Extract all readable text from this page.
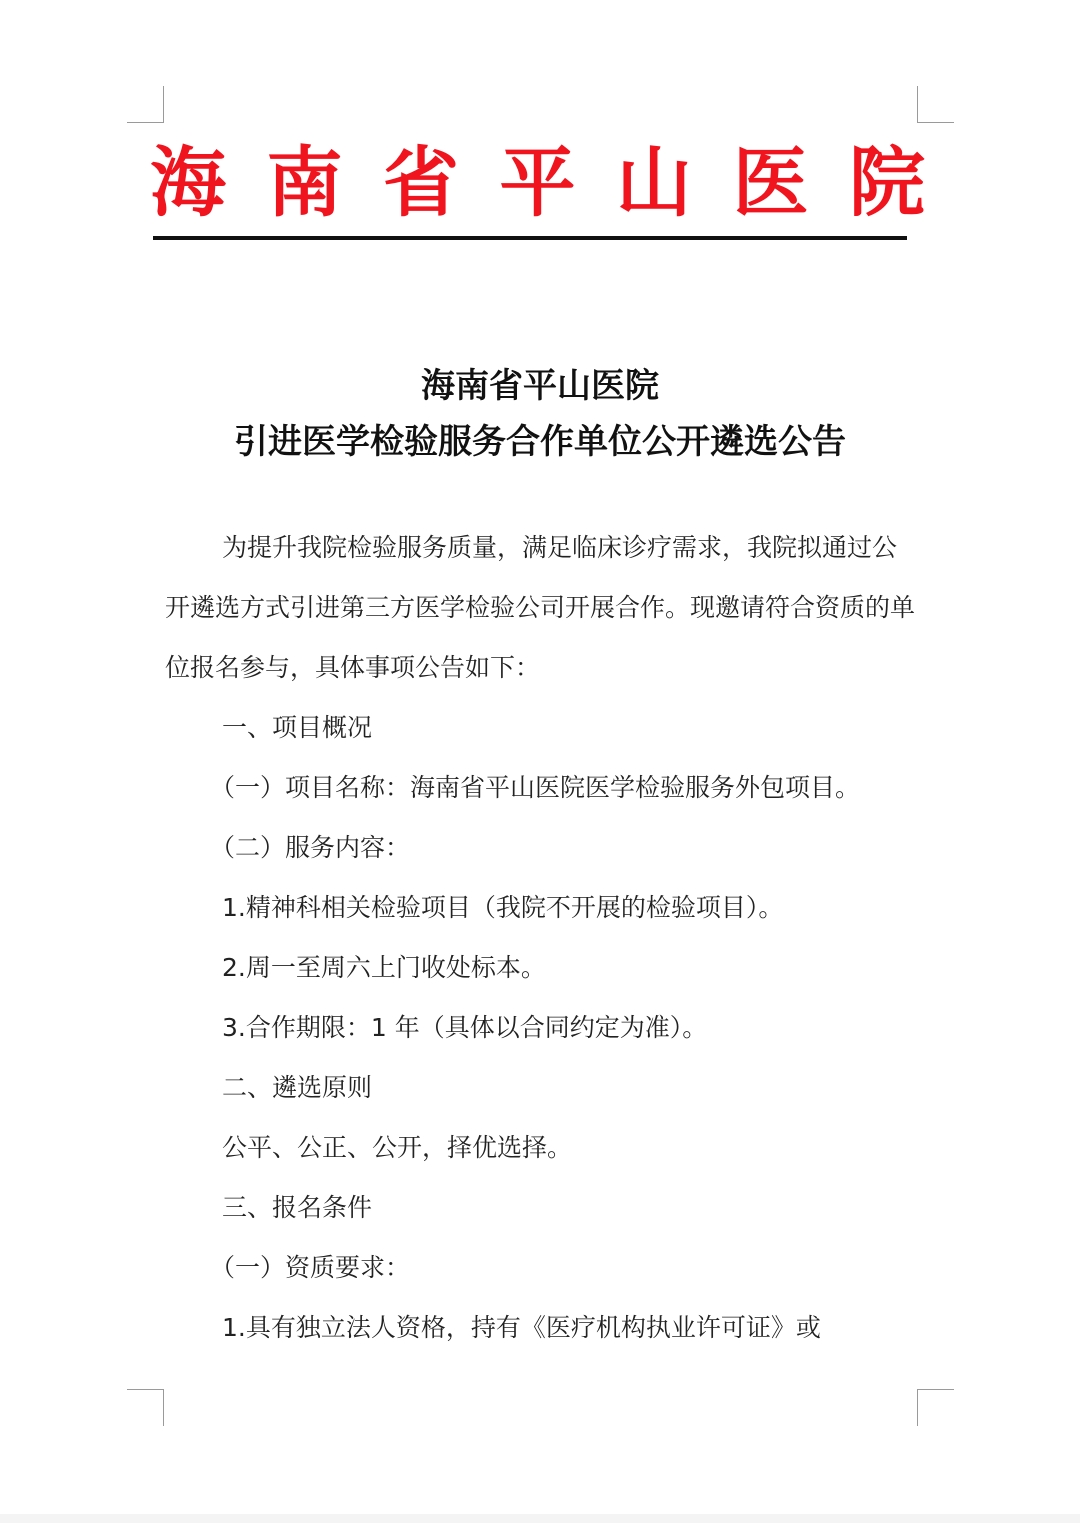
海 南 省 平 山 医 院
海南省平山医院
引进医学检验服务合作单位公开遴选公告

为提升我院检验服务质量，满足临床诊疗需求，我院拟通过公开遴选方式引进第三方医学检验公司开展合作。现邀请符合资质的单位报名参与，具体事项公告如下：

一、项目概况

（一）项目名称：海南省平山医院医学检验服务外包项目。

（二）服务内容：

1.精神科相关检验项目（我院不开展的检验项目）。

2.周一至周六上门收处标本。

3.合作期限：1 年（具体以合同约定为准）。

二、遴选原则

公平、公正、公开，择优选择。

三、报名条件

（一）资质要求：

1.具有独立法人资格，持有《医疗机构执业许可证》或
